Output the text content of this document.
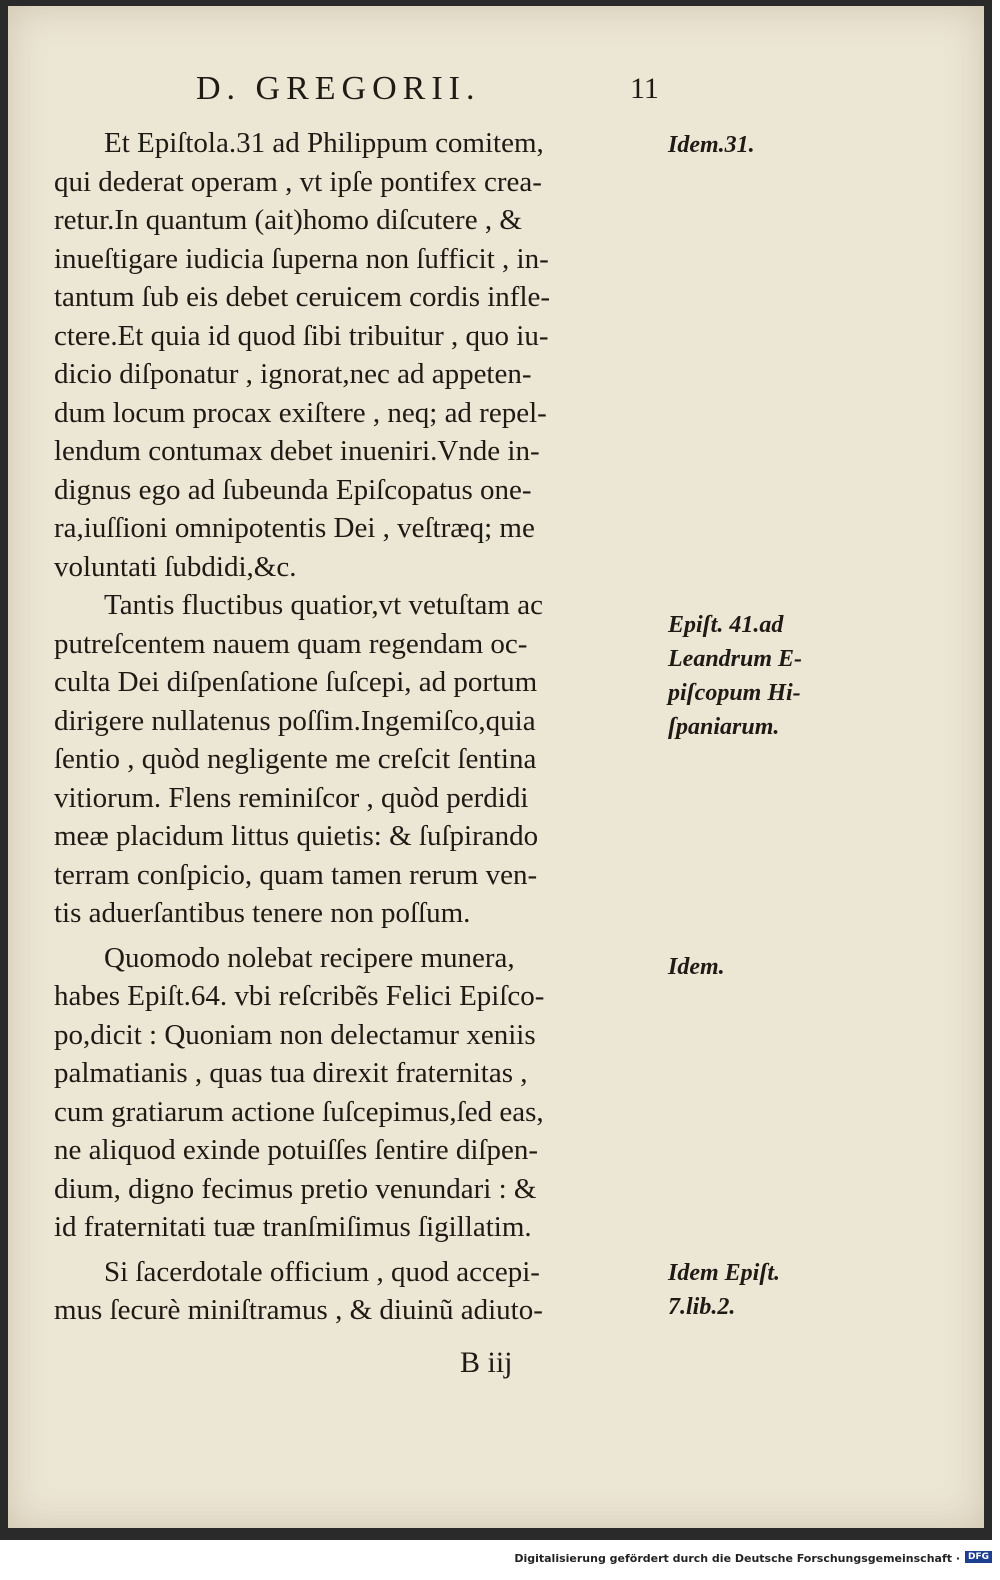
D. GREGORII.	11
Et Epiſtola.31 ad Philippum comitem,
qui dederat operam , vt ipſe pontifex crea-
retur.In quantum (ait)homo diſcutere , &
inueſtigare iudicia ſuperna non ſufficit , in-
tantum ſub eis debet ceruicem cordis infle-
ctere.Et quia id quod ſibi tribuitur , quo iu-
dicio diſponatur , ignorat,nec ad appeten-
dum locum procax exiſtere , neq; ad repel-
lendum contumax debet inueniri.Vnde in-
dignus ego ad ſubeunda Epiſcopatus one-
ra,iuſſioni omnipotentis Dei , veſtræq; me
voluntati ſubdidi,&c.
Tantis fluctibus quatior,vt vetuſtam ac
putreſcentem nauem quam regendam oc-
culta Dei diſpenſatione ſuſcepi, ad portum
dirigere nullatenus poſſim.Ingemiſco,quia
ſentio , quòd negligente me creſcit ſentina
vitiorum. Flens reminiſcor , quòd perdidi
meæ placidum littus quietis: & ſuſpirando
terram conſpicio, quam tamen rerum ven-
tis aduerſantibus tenere non poſſum.
Quomodo nolebat recipere munera,
habes Epiſt.64. vbi reſcribẽs Felici Epiſco-
po,dicit : Quoniam non delectamur xeniis
palmatianis , quas tua direxit fraternitas ,
cum gratiarum actione ſuſcepimus,ſed eas,
ne aliquod exinde potuiſſes ſentire diſpen-
dium, digno fecimus pretio venundari : &
id fraternitati tuæ tranſmiſimus ſigillatim.
Si ſacerdotale officium , quod accepi-
mus ſecurè miniſtramus , & diuinũ adiuto-
Idem.31.
Epiſt. 41.ad
Leandrum E-
piſcopum Hi-
ſpaniarum.
Idem.
Idem Epiſt.
7.lib.2.
B iij
Digitalisierung gefördert durch die Deutsche Forschungsgemeinschaft · DFG
